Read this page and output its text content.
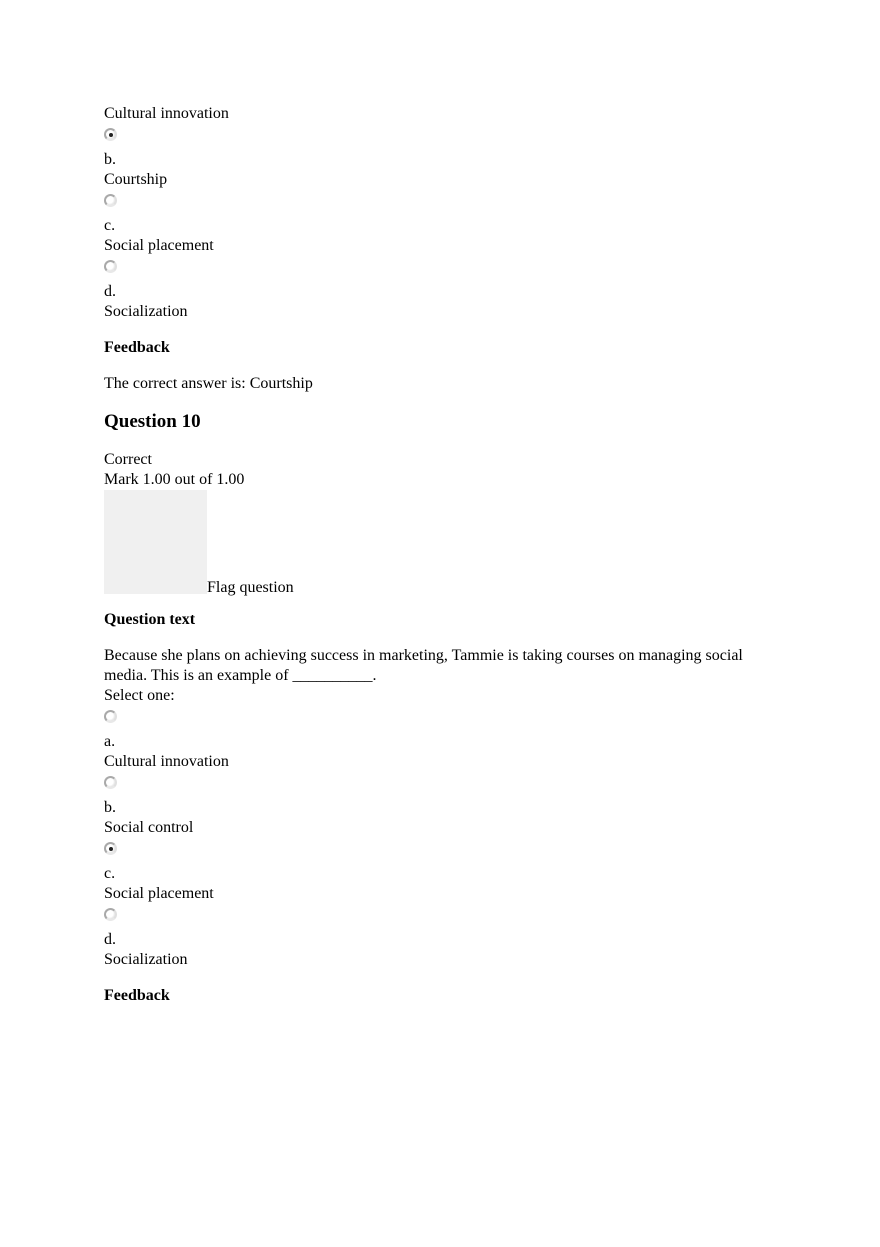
Cultural innovation
b.
Courtship
c.
Social placement
d.
Socialization
Feedback
The correct answer is: Courtship
Question 10
Correct
Mark 1.00 out of 1.00
Flag question
Question text
Because she plans on achieving success in marketing, Tammie is taking courses on managing social media. This is an example of __________.
Select one:
a.
Cultural innovation
b.
Social control
c.
Social placement
d.
Socialization
Feedback
